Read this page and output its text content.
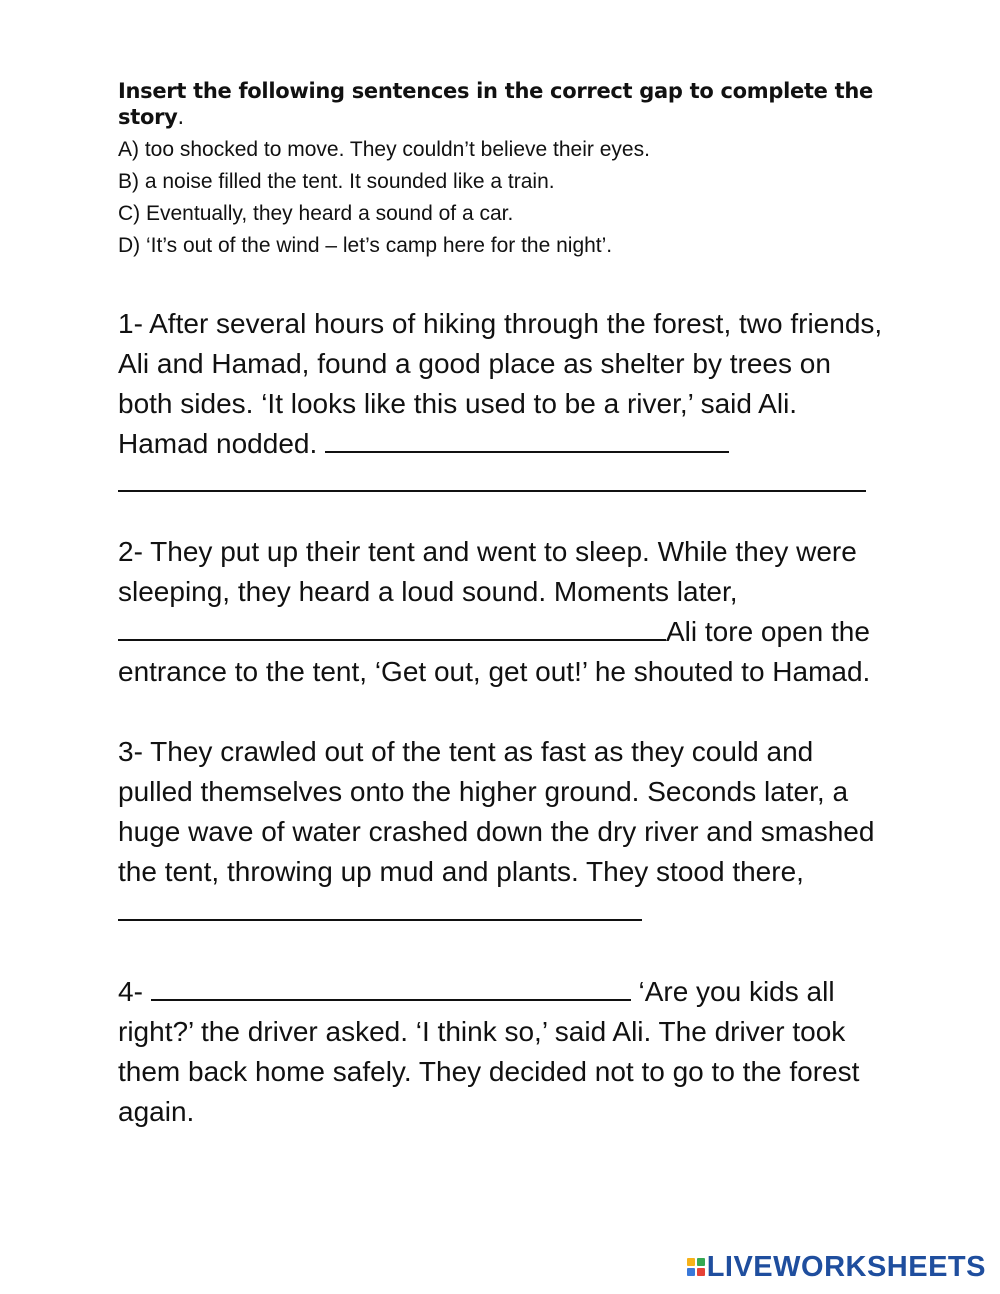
Insert the following sentences in the correct gap to complete the story.

A) too shocked to move. They couldn’t believe their eyes.

B) a noise filled the tent. It sounded like a train.

C) Eventually, they heard a sound of a car.

D) ‘It’s out of the wind – let’s camp here for the night’.

1- After several hours of hiking through the forest, two friends, Ali and Hamad, found a good place as shelter by trees on both sides. ‘It looks like this used to be a river,’ said Ali. Hamad nodded.

2- They put up their tent and went to sleep. While they were sleeping, they heard a loud sound. Moments later, Ali tore open the entrance to the tent, ‘Get out, get out!’ he shouted to Hamad.

3- They crawled out of the tent as fast as they could and pulled themselves onto the higher ground. Seconds later, a huge wave of water crashed down the dry river and smashed the tent, throwing up mud and plants. They stood there,

4-	‘Are you kids all right?’ the driver asked. ‘I think so,’ said Ali. The driver took them back home safely. They decided not to go to the forest again.

LIVEWORKSHEETS
